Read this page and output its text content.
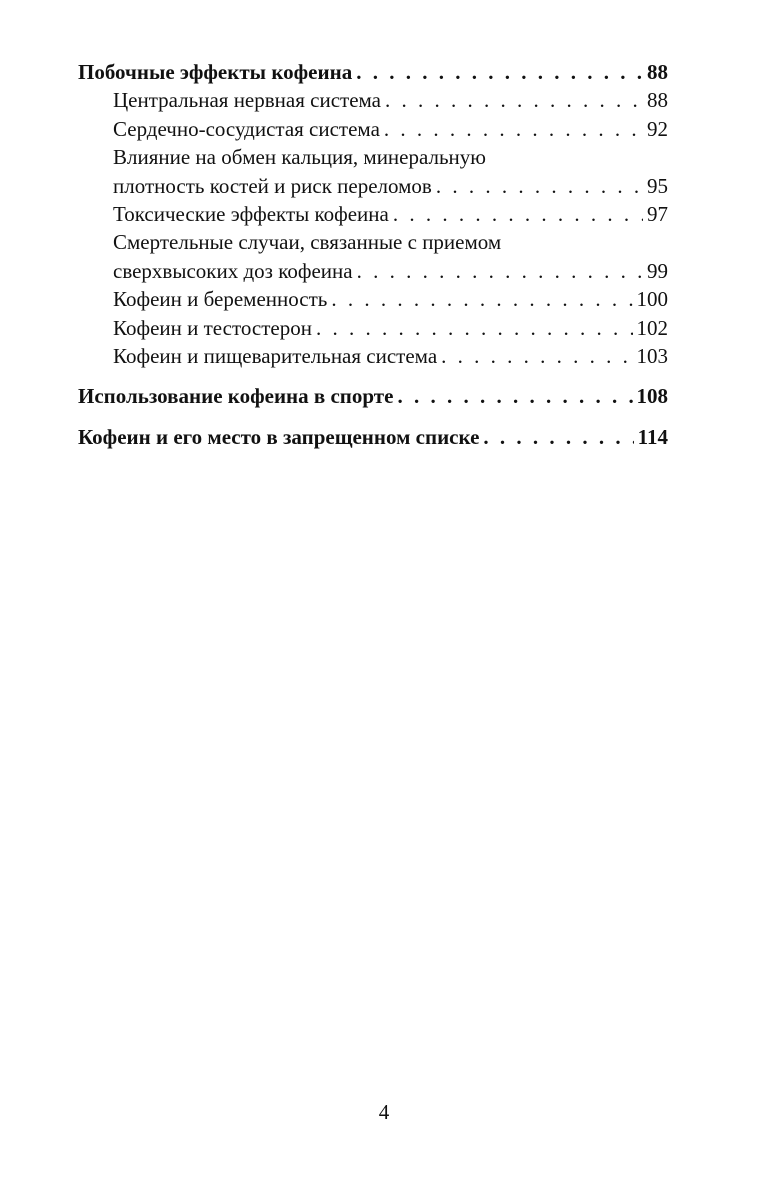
Побочные эффекты кофеина . . .	88
Центральная нервная система . . .	88
Сердечно-сосудистая система . . .	92
Влияние на обмен кальция, минеральную
плотность костей и риск переломов . . .	95
Токсические эффекты кофеина . . .	97
Смертельные случаи, связанные с приемом
сверхвысоких доз кофеина . . .	99
Кофеин и беременность . . .	100
Кофеин и тестостерон . . .	102
Кофеин и пищеварительная система . . .	103
Использование кофеина в спорте . . .	108
Кофеин и его место в запрещенном списке . . .	114
4
